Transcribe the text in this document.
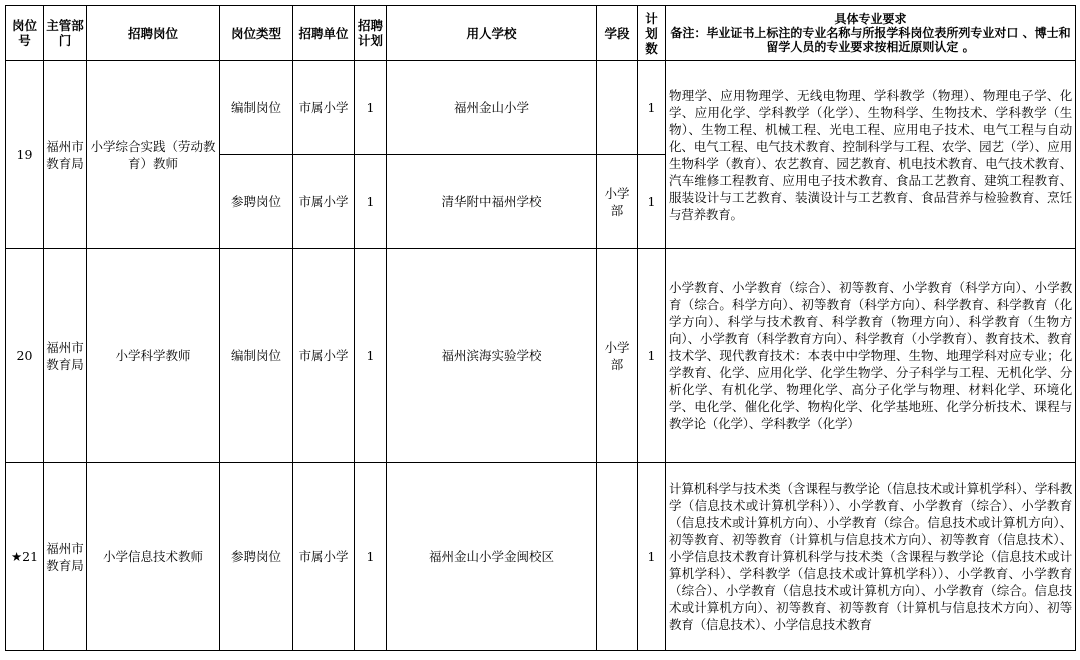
岗位号	主管部门	招聘岗位	岗位类型	招聘单位	招聘计划	用人学校	学段	计划数	具体专业要求
备注：毕业证书上标注的专业名称与所报学科岗位表所列专业对口 、博士和留学人员的专业要求按相近原则认定 。

19	福州市教育局	小学综合实践（劳动教育）教师	编制岗位	市属小学	1	福州金山小学		1	物理学、应用物理学、无线电物理、学科教学（物理）、物理电子学、化学、应用化学、学科教学（化学）、生物科学、生物技术、学科教学（生物）、生物工程、机械工程、光电工程、应用电子技术、电气工程与自动化、电气工程、电气技术教育、控制科学与工程、农学、园艺（学）、应用生物科学（教育）、农艺教育、园艺教育、机电技术教育、电气技术教育、汽车维修工程教育、应用电子技术教育、食品工艺教育、建筑工程教育、服装设计与工艺教育、装潢设计与工艺教育、食品营养与检验教育、烹饪与营养教育。
			参聘岗位	市属小学	1	清华附中福州学校	小学部	1	
20	福州市教育局	小学科学教师	编制岗位	市属小学	1	福州滨海实验学校	小学部	1	小学教育、小学教育（综合）、初等教育、小学教育（科学方向）、小学教育（综合。科学方向）、初等教育（科学方向）、科学教育、科学教育（化学方向）、科学与技术教育、科学教育（物理方向）、科学教育（生物方向）、小学教育（科学教育方向）、科学教育（小学教育）、教育技术、教育技术学、现代教育技术：本表中中学物理、生物、地理学科对应专业；化学教育、化学、应用化学、化学生物学、分子科学与工程、无机化学、分析化学、有机化学、物理化学、高分子化学与物理、材料化学、环境化学、电化学、催化化学、物构化学、化学基地班、化学分析技术、课程与教学论（化学）、学科教学（化学）
★21	福州市教育局	小学信息技术教师	参聘岗位	市属小学	1	福州金山小学金闽校区		1	计算机科学与技术类（含课程与教学论（信息技术或计算机学科）、学科教学（信息技术或计算机学科））、小学教育、小学教育（综合）、小学教育（信息技术或计算机方向）、小学教育（综合。信息技术或计算机方向）、初等教育、初等教育（计算机与信息技术方向）、初等教育（信息技术）、小学信息技术教育计算机科学与技术类（含课程与教学论（信息技术或计算机学科）、学科教学（信息技术或计算机学科））、小学教育、小学教育（综合）、小学教育（信息技术或计算机方向）、小学教育（综合。信息技术或计算机方向）、初等教育、初等教育（计算机与信息技术方向）、初等教育（信息技术）、小学信息技术教育
